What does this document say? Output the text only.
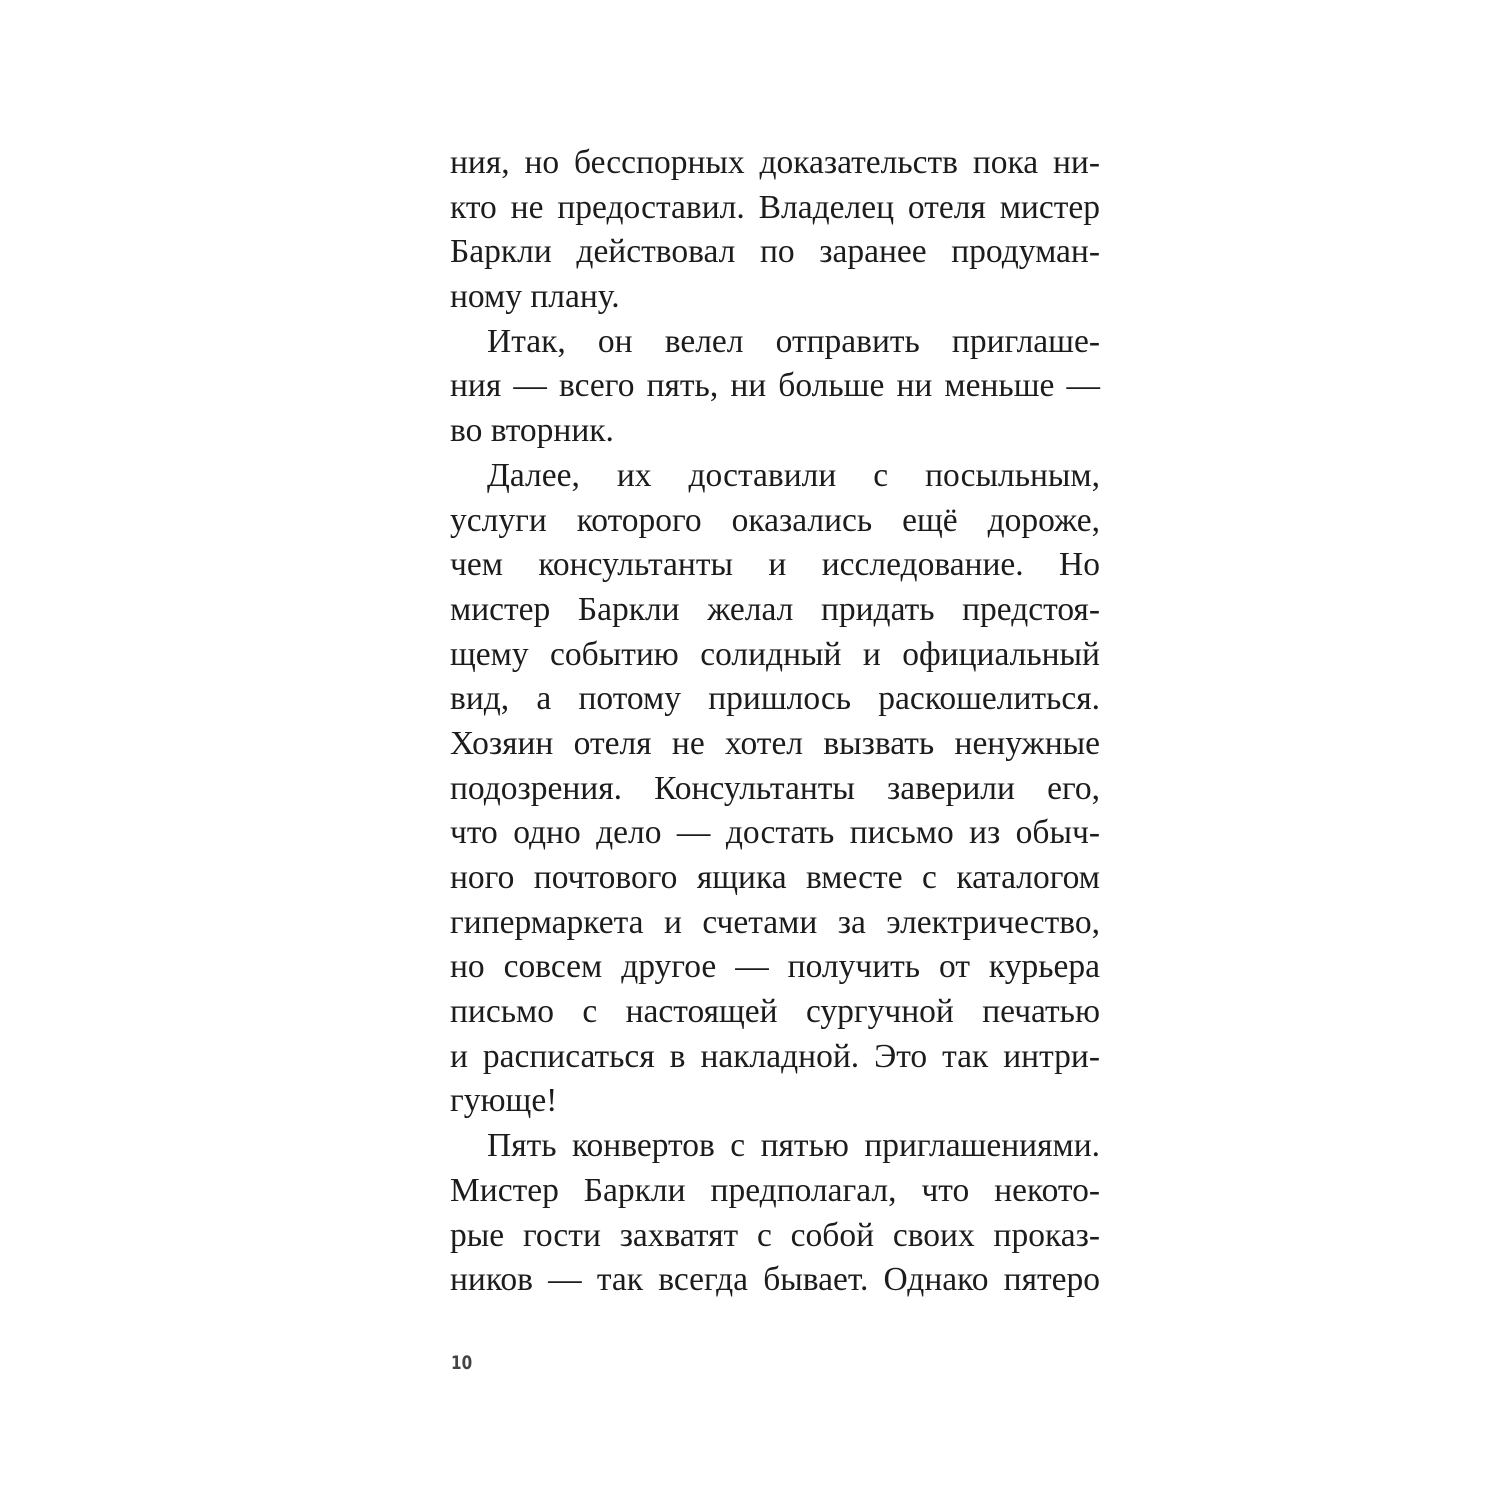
ния, но бесспорных доказательств пока ни-
кто не предоставил. Владелец отеля мистер
Баркли действовал по заранее продуман-
ному плану.
Итак, он велел отправить приглаше-
ния — всего пять, ни больше ни меньше —
во вторник.
Далее, их доставили с посыльным,
услуги которого оказались ещё дороже,
чем консультанты и исследование. Но
мистер Баркли желал придать предстоя-
щему событию солидный и официальный
вид, а потому пришлось раскошелиться.
Хозяин отеля не хотел вызвать ненужные
подозрения. Консультанты заверили его,
что одно дело — достать письмо из обыч-
ного почтового ящика вместе с каталогом
гипермаркета и счетами за электричество,
но совсем другое — получить от курьера
письмо с настоящей сургучной печатью
и расписаться в накладной. Это так интри-
гующе!
Пять конвертов с пятью приглашениями.
Мистер Баркли предполагал, что некото-
рые гости захватят с собой своих проказ-
ников — так всегда бывает. Однако пятеро
10
